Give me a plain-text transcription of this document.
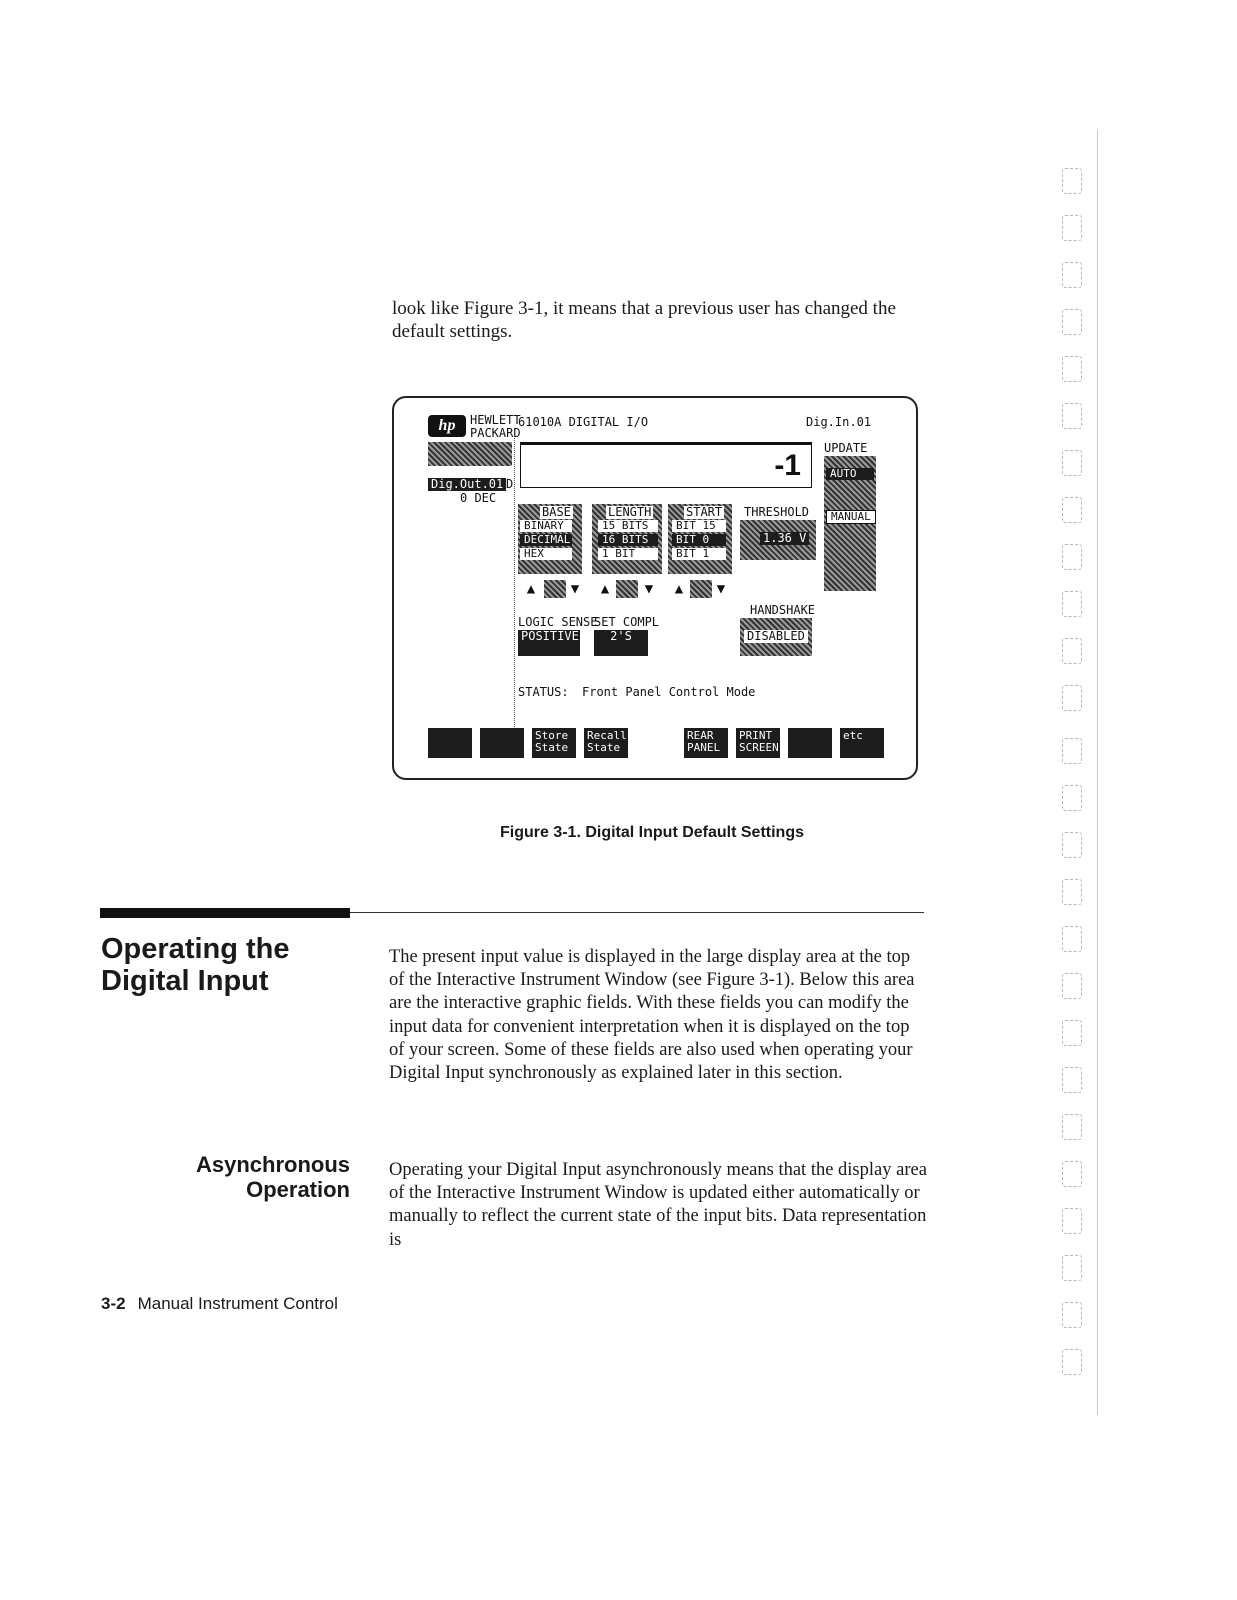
look like Figure 3-1, it means that a previous user has changed the default settings.
hp	HEWLETT
PACKARD
61010A DIGITAL I/O	Dig.In.01
Dig.Out.01
0 DEC
D
-1
UPDATE
AUTO
MANUAL
BASE
BINARY
DECIMAL
HEX
LENGTH
15 BITS
16 BITS
1 BIT
START
BIT 15
BIT 0
BIT 1
▲	▼	▲	▼	▲	▼
THRESHOLD
1.36 V
LOGIC SENSE
POSITIVE
SET COMPL
2'S
HANDSHAKE
DISABLED
STATUS: Front Panel Control Mode
Store
State
Recall
State
REAR
PANEL
PRINT
SCREEN
etc
Figure 3-1. Digital Input Default Settings
Operating the Digital Input
The present input value is displayed in the large display area at the top of the Interactive Instrument Window (see Figure 3-1). Below this area are the interactive graphic fields. With these fields you can modify the input data for convenient interpretation when it is displayed on the top of your screen. Some of these fields are also used when operating your Digital Input synchronously as explained later in this section.
Asynchronous Operation
Operating your Digital Input asynchronously means that the display area of the Interactive Instrument Window is updated either automatically or manually to reflect the current state of the input bits. Data representation is
3-2 Manual Instrument Control
